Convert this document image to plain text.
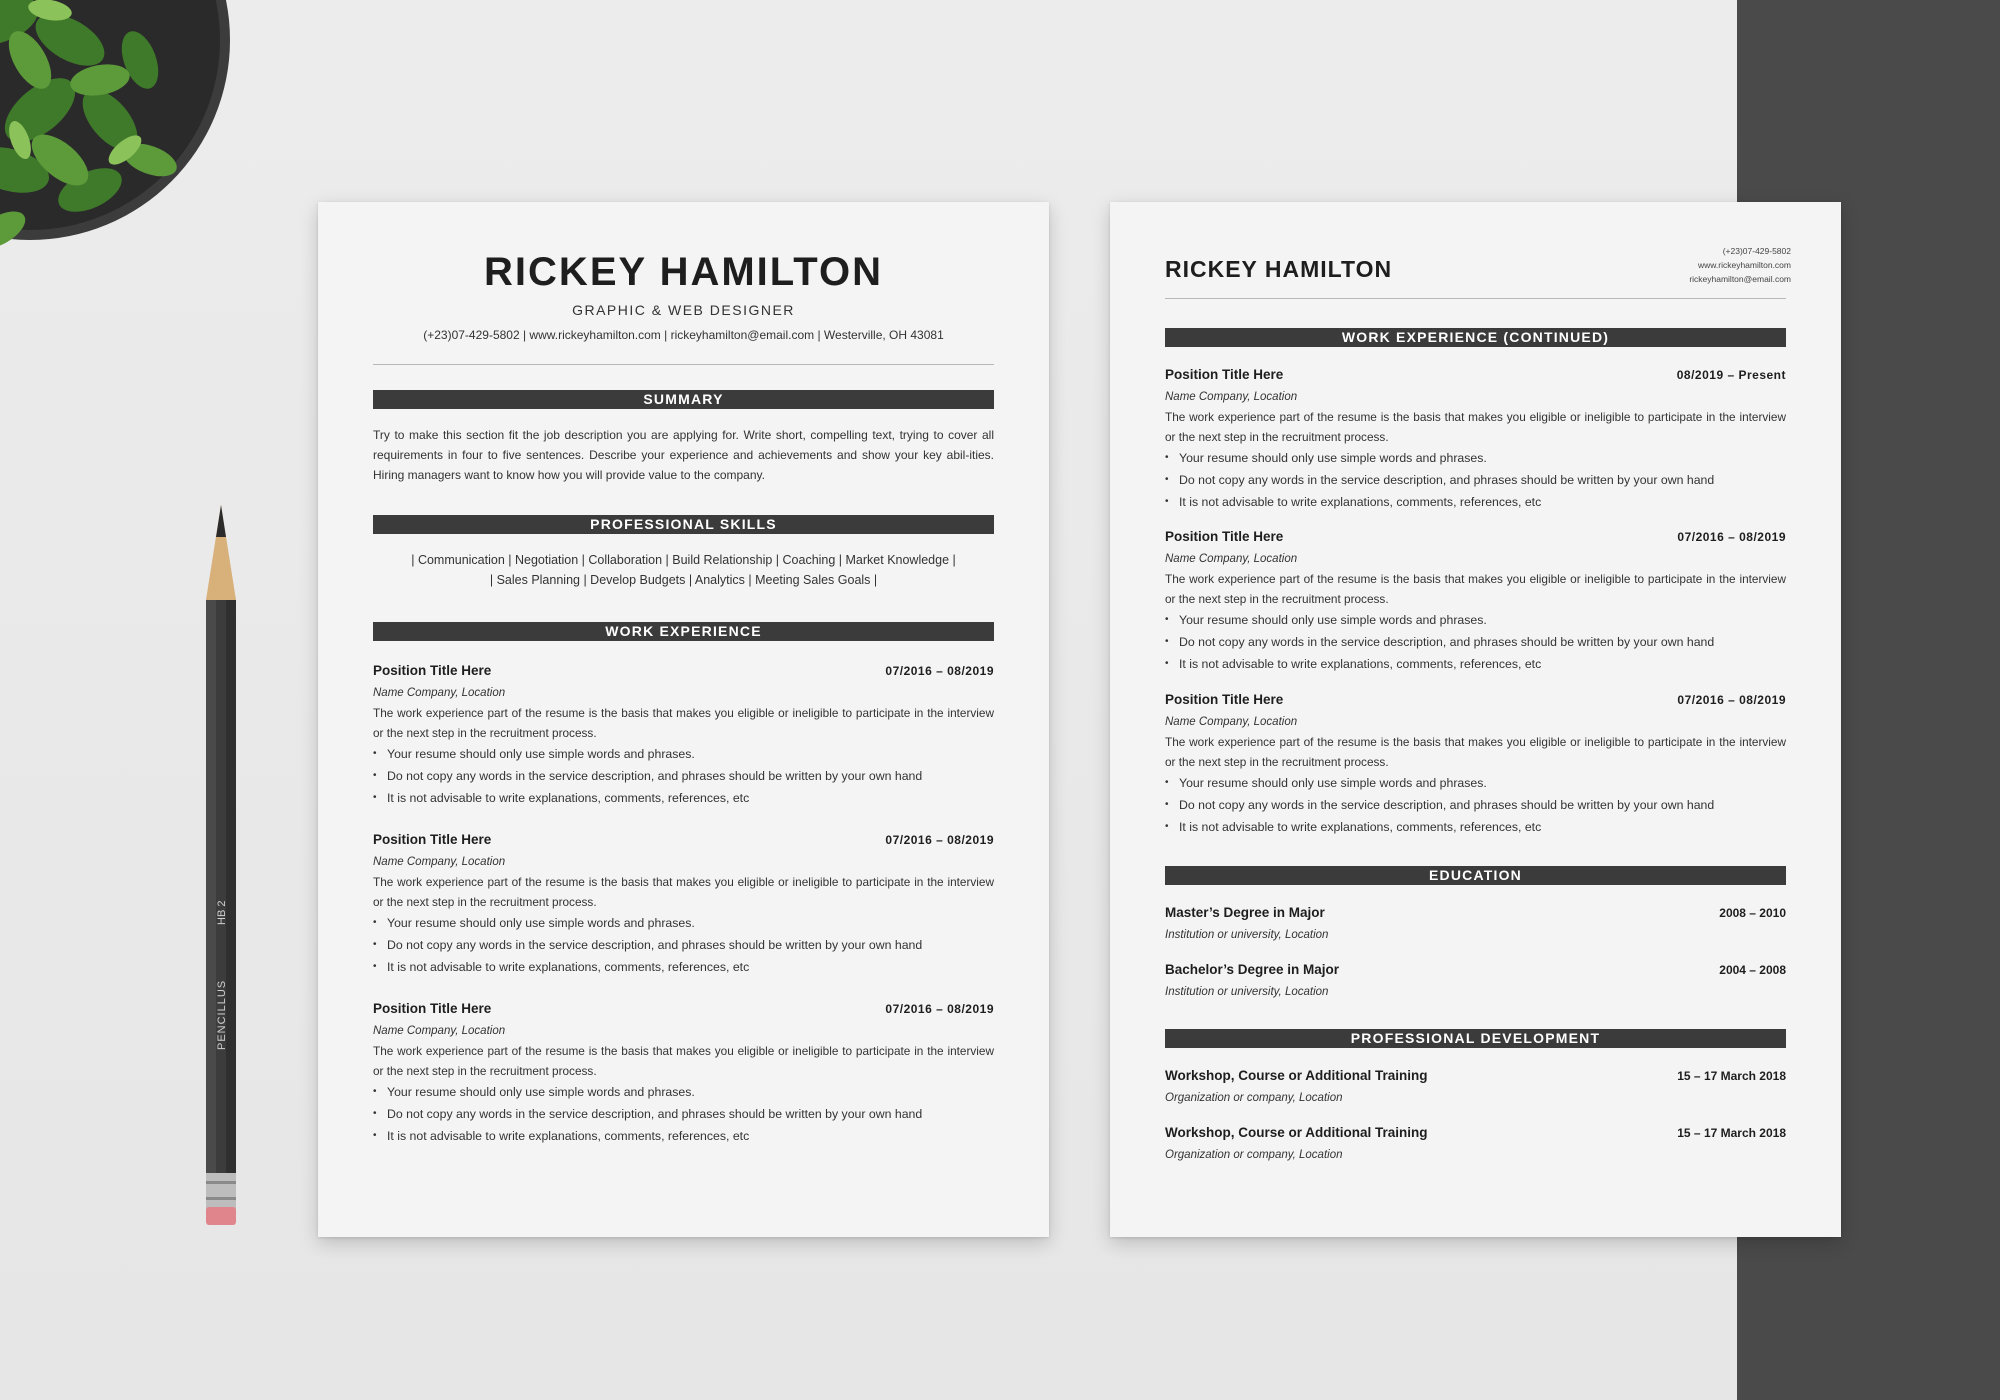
HB 2
PENCILLUS
RICKEY HAMILTON
GRAPHIC & WEB DESIGNER
(+23)07-429-5802 | www.rickeyhamilton.com | rickeyhamilton@email.com | Westerville, OH 43081
SUMMARY
Try to make this section fit the job description you are applying for. Write short, compelling text, trying to cover all requirements in four to five sentences. Describe your experience and achievements and show your key abil-ities. Hiring managers want to know how you will provide value to the company.
PROFESSIONAL SKILLS
| Communication | Negotiation | Collaboration | Build Relationship | Coaching | Market Knowledge |
| Sales Planning | Develop Budgets | Analytics | Meeting Sales Goals |
WORK EXPERIENCE
Position Title Here	07/2016 – 08/2019
Name Company, Location
The work experience part of the resume is the basis that makes you eligible or ineligible to participate in the interview or the next step in the recruitment process.
• Your resume should only use simple words and phrases.
• Do not copy any words in the service description, and phrases should be written by your own hand
• It is not advisable to write explanations, comments, references, etc
Position Title Here	07/2016 – 08/2019
Name Company, Location
The work experience part of the resume is the basis that makes you eligible or ineligible to participate in the interview or the next step in the recruitment process.
• Your resume should only use simple words and phrases.
• Do not copy any words in the service description, and phrases should be written by your own hand
• It is not advisable to write explanations, comments, references, etc
Position Title Here	07/2016 – 08/2019
Name Company, Location
The work experience part of the resume is the basis that makes you eligible or ineligible to participate in the interview or the next step in the recruitment process.
• Your resume should only use simple words and phrases.
• Do not copy any words in the service description, and phrases should be written by your own hand
• It is not advisable to write explanations, comments, references, etc
RICKEY HAMILTON
(+23)07-429-5802
www.rickeyhamilton.com
rickeyhamilton@email.com
WORK EXPERIENCE (CONTINUED)
Position Title Here	08/2019 – Present
Name Company, Location
The work experience part of the resume is the basis that makes you eligible or ineligible to participate in the interview or the next step in the recruitment process.
• Your resume should only use simple words and phrases.
• Do not copy any words in the service description, and phrases should be written by your own hand
• It is not advisable to write explanations, comments, references, etc
Position Title Here	07/2016 – 08/2019
Name Company, Location
The work experience part of the resume is the basis that makes you eligible or ineligible to participate in the interview or the next step in the recruitment process.
• Your resume should only use simple words and phrases.
• Do not copy any words in the service description, and phrases should be written by your own hand
• It is not advisable to write explanations, comments, references, etc
Position Title Here	07/2016 – 08/2019
Name Company, Location
The work experience part of the resume is the basis that makes you eligible or ineligible to participate in the interview or the next step in the recruitment process.
• Your resume should only use simple words and phrases.
• Do not copy any words in the service description, and phrases should be written by your own hand
• It is not advisable to write explanations, comments, references, etc
EDUCATION
Master’s Degree in Major	2008 – 2010
Institution or university, Location
Bachelor’s Degree in Major	2004 – 2008
Institution or university, Location
PROFESSIONAL DEVELOPMENT
Workshop, Course or Additional Training	15 – 17 March 2018
Organization or company, Location
Workshop, Course or Additional Training	15 – 17 March 2018
Organization or company, Location
